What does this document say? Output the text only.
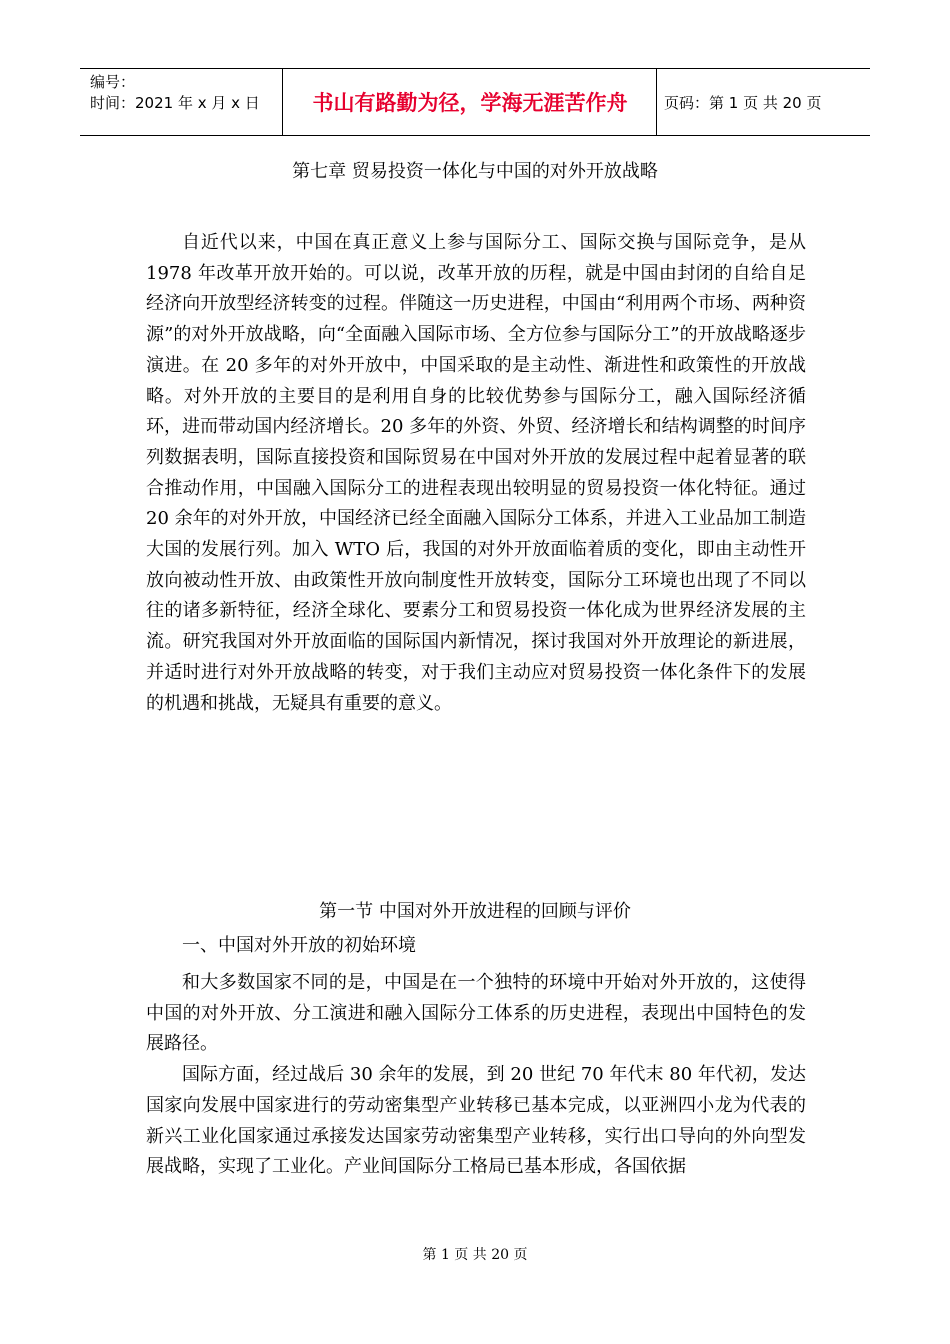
编号：
时间：2021 年 x 月 x 日	书山有路勤为径，学海无涯苦作舟	页码：第 1 页 共 20 页
第七章 贸易投资一体化与中国的对外开放战略

自近代以来，中国在真正意义上参与国际分工、国际交换与国际竞争，是从 1978 年改革开放开始的。可以说，改革开放的历程，就是中国由封闭的自给自足经济向开放型经济转变的过程。伴随这一历史进程，中国由“利用两个市场、两种资源”的对外开放战略，向“全面融入国际市场、全方位参与国际分工”的开放战略逐步演进。在 20 多年的对外开放中，中国采取的是主动性、渐进性和政策性的开放战略。对外开放的主要目的是利用自身的比较优势参与国际分工，融入国际经济循环，进而带动国内经济增长。20 多年的外资、外贸、经济增长和结构调整的时间序列数据表明，国际直接投资和国际贸易在中国对外开放的发展过程中起着显著的联合推动作用，中国融入国际分工的进程表现出较明显的贸易投资一体化特征。通过 20 余年的对外开放，中国经济已经全面融入国际分工体系，并进入工业品加工制造大国的发展行列。加入 WTO 后，我国的对外开放面临着质的变化，即由主动性开放向被动性开放、由政策性开放向制度性开放转变，国际分工环境也出现了不同以往的诸多新特征，经济全球化、要素分工和贸易投资一体化成为世界经济发展的主流。研究我国对外开放面临的国际国内新情况，探讨我国对外开放理论的新进展，并适时进行对外开放战略的转变，对于我们主动应对贸易投资一体化条件下的发展的机遇和挑战，无疑具有重要的意义。

第一节 中国对外开放进程的回顾与评价
一、中国对外开放的初始环境

和大多数国家不同的是，中国是在一个独特的环境中开始对外开放的，这使得中国的对外开放、分工演进和融入国际分工体系的历史进程，表现出中国特色的发展路径。

国际方面，经过战后 30 余年的发展，到 20 世纪 70 年代末 80 年代初，发达国家向发展中国家进行的劳动密集型产业转移已基本完成，以亚洲四小龙为代表的新兴工业化国家通过承接发达国家劳动密集型产业转移，实行出口导向的外向型发展战略，实现了工业化。产业间国际分工格局已基本形成，各国依据

第 1 页 共 20 页
